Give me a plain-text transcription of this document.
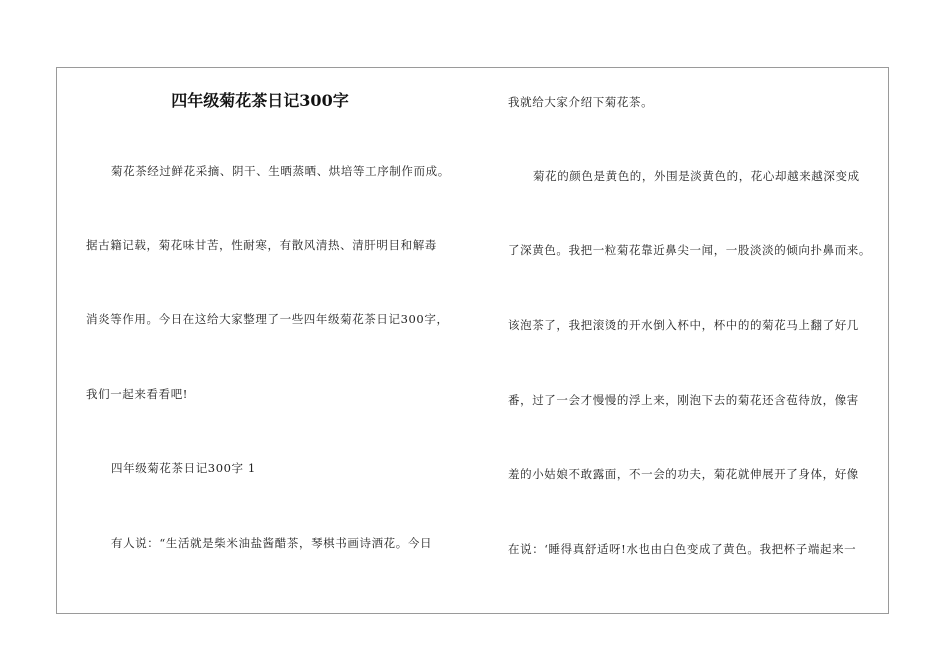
四年级菊花茶日记300字
菊花茶经过鲜花采摘、阴干、生晒蒸晒、烘培等工序制作而成。
据古籍记载，菊花味甘苦，性耐寒，有散风清热、清肝明目和解毒
消炎等作用。今日在这给大家整理了一些四年级菊花茶日记300字，
我们一起来看看吧!
四年级菊花茶日记300字 1
有人说：“生活就是柴米油盐酱醋茶，琴棋书画诗酒花。今日
我就给大家介绍下菊花茶。
菊花的颜色是黄色的，外围是淡黄色的，花心却越来越深变成
了深黄色。我把一粒菊花靠近鼻尖一闻，一股淡淡的倾向扑鼻而来。
该泡茶了，我把滚烫的开水倒入杯中，杯中的的菊花马上翻了好几
番，过了一会才慢慢的浮上来，刚泡下去的菊花还含苞待放，像害
羞的小姑娘不敢露面，不一会的功夫，菊花就伸展开了身体，好像
在说：‘睡得真舒适呀!水也由白色变成了黄色。我把杯子端起来一
